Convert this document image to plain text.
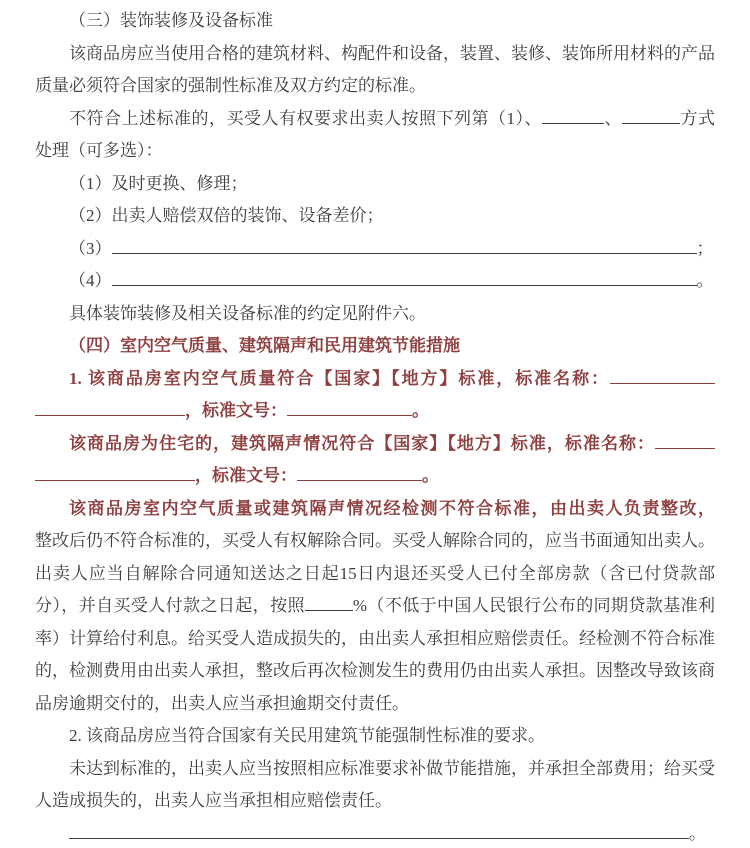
（三）装饰装修及设备标准

该商品房应当使用合格的建筑材料、构配件和设备，装置、装修、装饰所用材料的产品质量必须符合国家的强制性标准及双方约定的标准。

不符合上述标准的，买受人有权要求出卖人按照下列第（1）、	、	方式处理（可多选）：

（1）及时更换、修理；

（2）出卖人赔偿双倍的装饰、设备差价；

（3）	；

（4）	。

具体装饰装修及相关设备标准的约定见附件六。

（四）室内空气质量、建筑隔声和民用建筑节能措施

1. 该商品房室内空气质量符合【国家】【地方】标准，标准名称：，标准文号：	。

该商品房为住宅的，建筑隔声情况符合【国家】【地方】标准，标准名称：，标准文号：	。

该商品房室内空气质量或建筑隔声情况经检测不符合标准，由出卖人负责整改，

整改后仍不符合标准的，买受人有权解除合同。买受人解除合同的，应当书面通知出卖人。出卖人应当自解除合同通知送达之日起15日内退还买受人已付全部房款（含已付贷款部分），并自买受人付款之日起，按照	%（不低于中国人民银行公布的同期贷款基准利率）计算给付利息。给买受人造成损失的，由出卖人承担相应赔偿责任。经检测不符合标准的，检测费用由出卖人承担，整改后再次检测发生的费用仍由出卖人承担。因整改导致该商品房逾期交付的，出卖人应当承担逾期交付责任。

2. 该商品房应当符合国家有关民用建筑节能强制性标准的要求。

未达到标准的，出卖人应当按照相应标准要求补做节能措施，并承担全部费用；给买受人造成损失的，出卖人应当承担相应赔偿责任。

。
